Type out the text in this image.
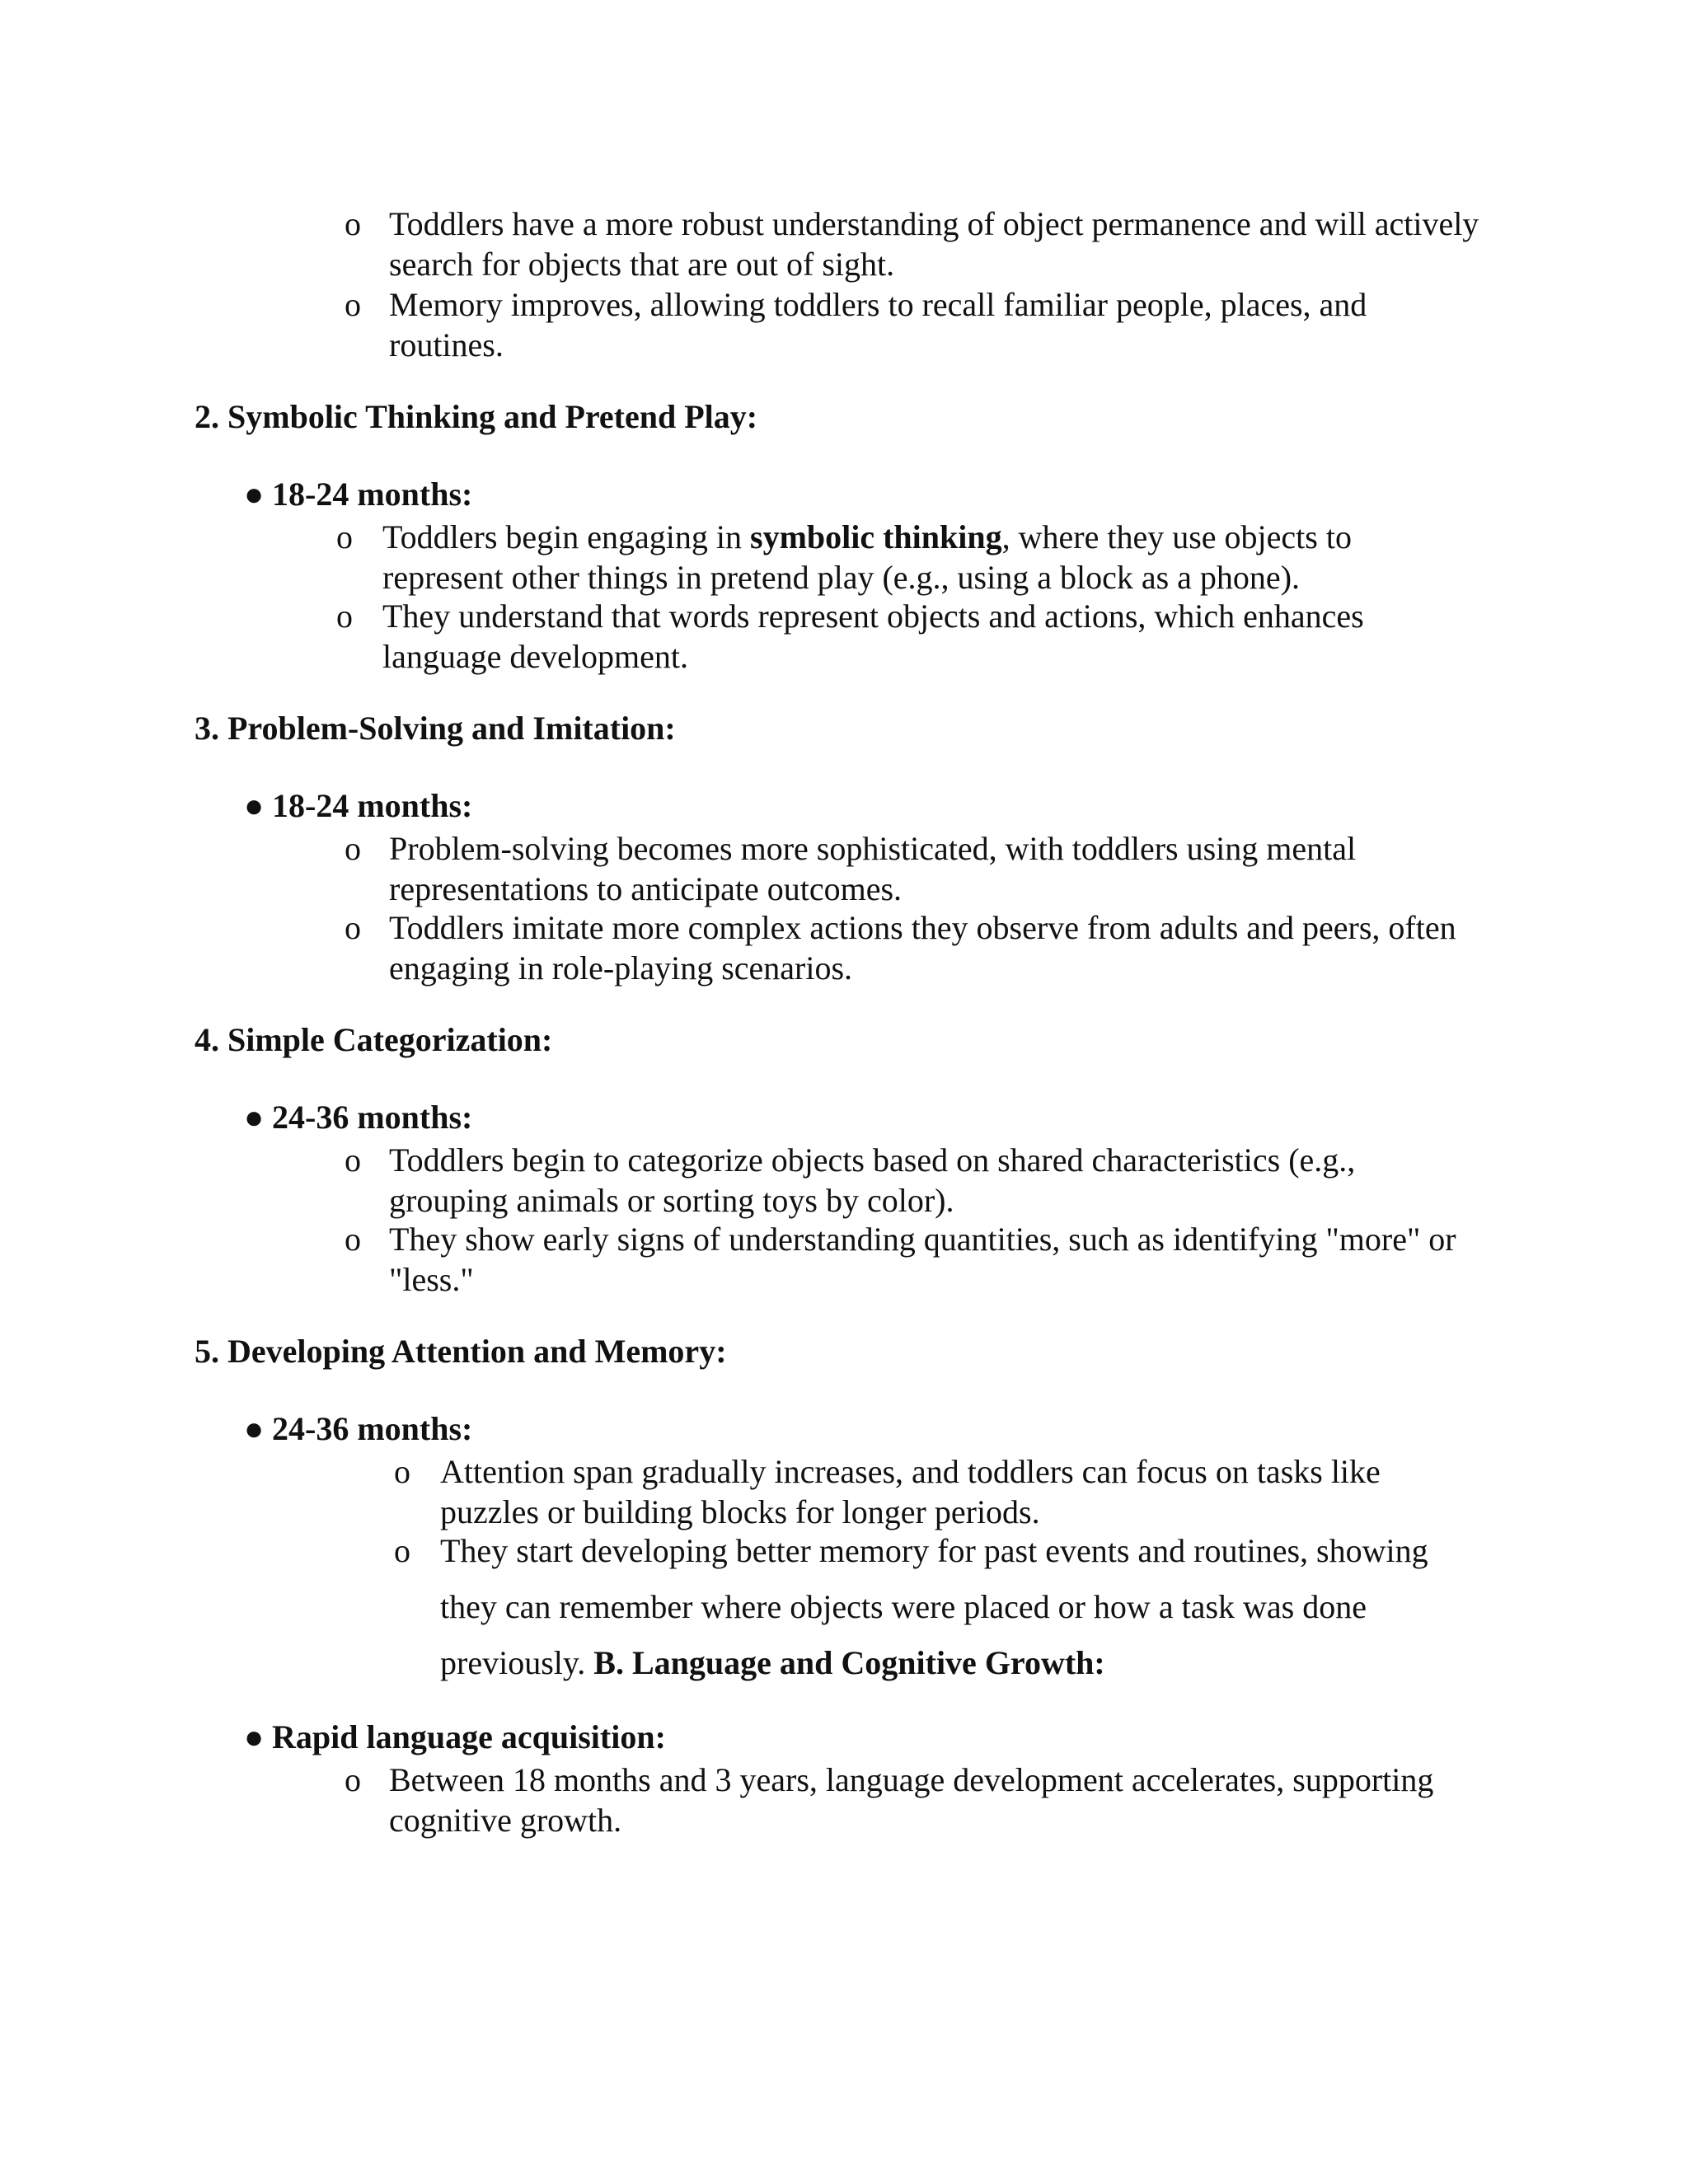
o Toddlers have a more robust understanding of object permanence and will actively search for objects that are out of sight.
o Memory improves, allowing toddlers to recall familiar people, places, and routines.
2. Symbolic Thinking and Pretend Play:
● 18-24 months:
o Toddlers begin engaging in symbolic thinking, where they use objects to represent other things in pretend play (e.g., using a block as a phone).
o They understand that words represent objects and actions, which enhances language development.
3. Problem-Solving and Imitation:
● 18-24 months:
o Problem-solving becomes more sophisticated, with toddlers using mental representations to anticipate outcomes.
o Toddlers imitate more complex actions they observe from adults and peers, often engaging in role-playing scenarios.
4. Simple Categorization:
● 24-36 months:
o Toddlers begin to categorize objects based on shared characteristics (e.g., grouping animals or sorting toys by color).
o They show early signs of understanding quantities, such as identifying "more" or "less."
5. Developing Attention and Memory:
● 24-36 months:
o Attention span gradually increases, and toddlers can focus on tasks like puzzles or building blocks for longer periods.
o They start developing better memory for past events and routines, showing
they can remember where objects were placed or how a task was done
previously. B. Language and Cognitive Growth:
● Rapid language acquisition:
o Between 18 months and 3 years, language development accelerates, supporting cognitive growth.
